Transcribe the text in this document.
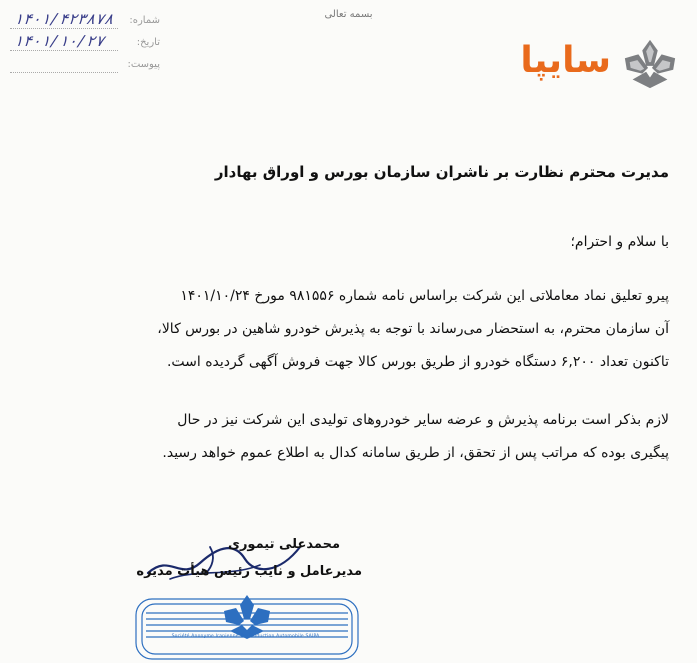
بسمه تعالی
شماره:
۱۴۰۱/۴۲۳۸۷۸
تاریخ:
۱۴۰۱/۱۰/۲۷
پیوست:	سایپا
مدیرت محترم نظارت بر ناشران سازمان بورس و اوراق بهادار
با سلام و احترام؛
پیرو تعلیق نماد معاملاتی این شرکت براساس نامه شماره ۹۸۱۵۵۶ مورخ ۱۴۰۱/۱۰/۲۴
آن سازمان محترم، به استحضار می‌رساند با توجه به پذیرش خودرو شاهین در بورس کالا،
تاکنون تعداد ۶,۲۰۰ دستگاه خودرو از طریق بورس کالا جهت فروش آگهی گردیده است.
لازم بذکر است برنامه پذیرش و عرضه سایر خودروهای تولیدی این شرکت نیز در حال
پیگیری بوده که مراتب پس از تحقق، از طریق سامانه کدال به اطلاع عموم خواهد رسید.
محمدعلی تیموری
مدیرعامل و نایب رئیس هیأت مدیره
Société Anonyme Iranienne De Production Automobile SAIPA
